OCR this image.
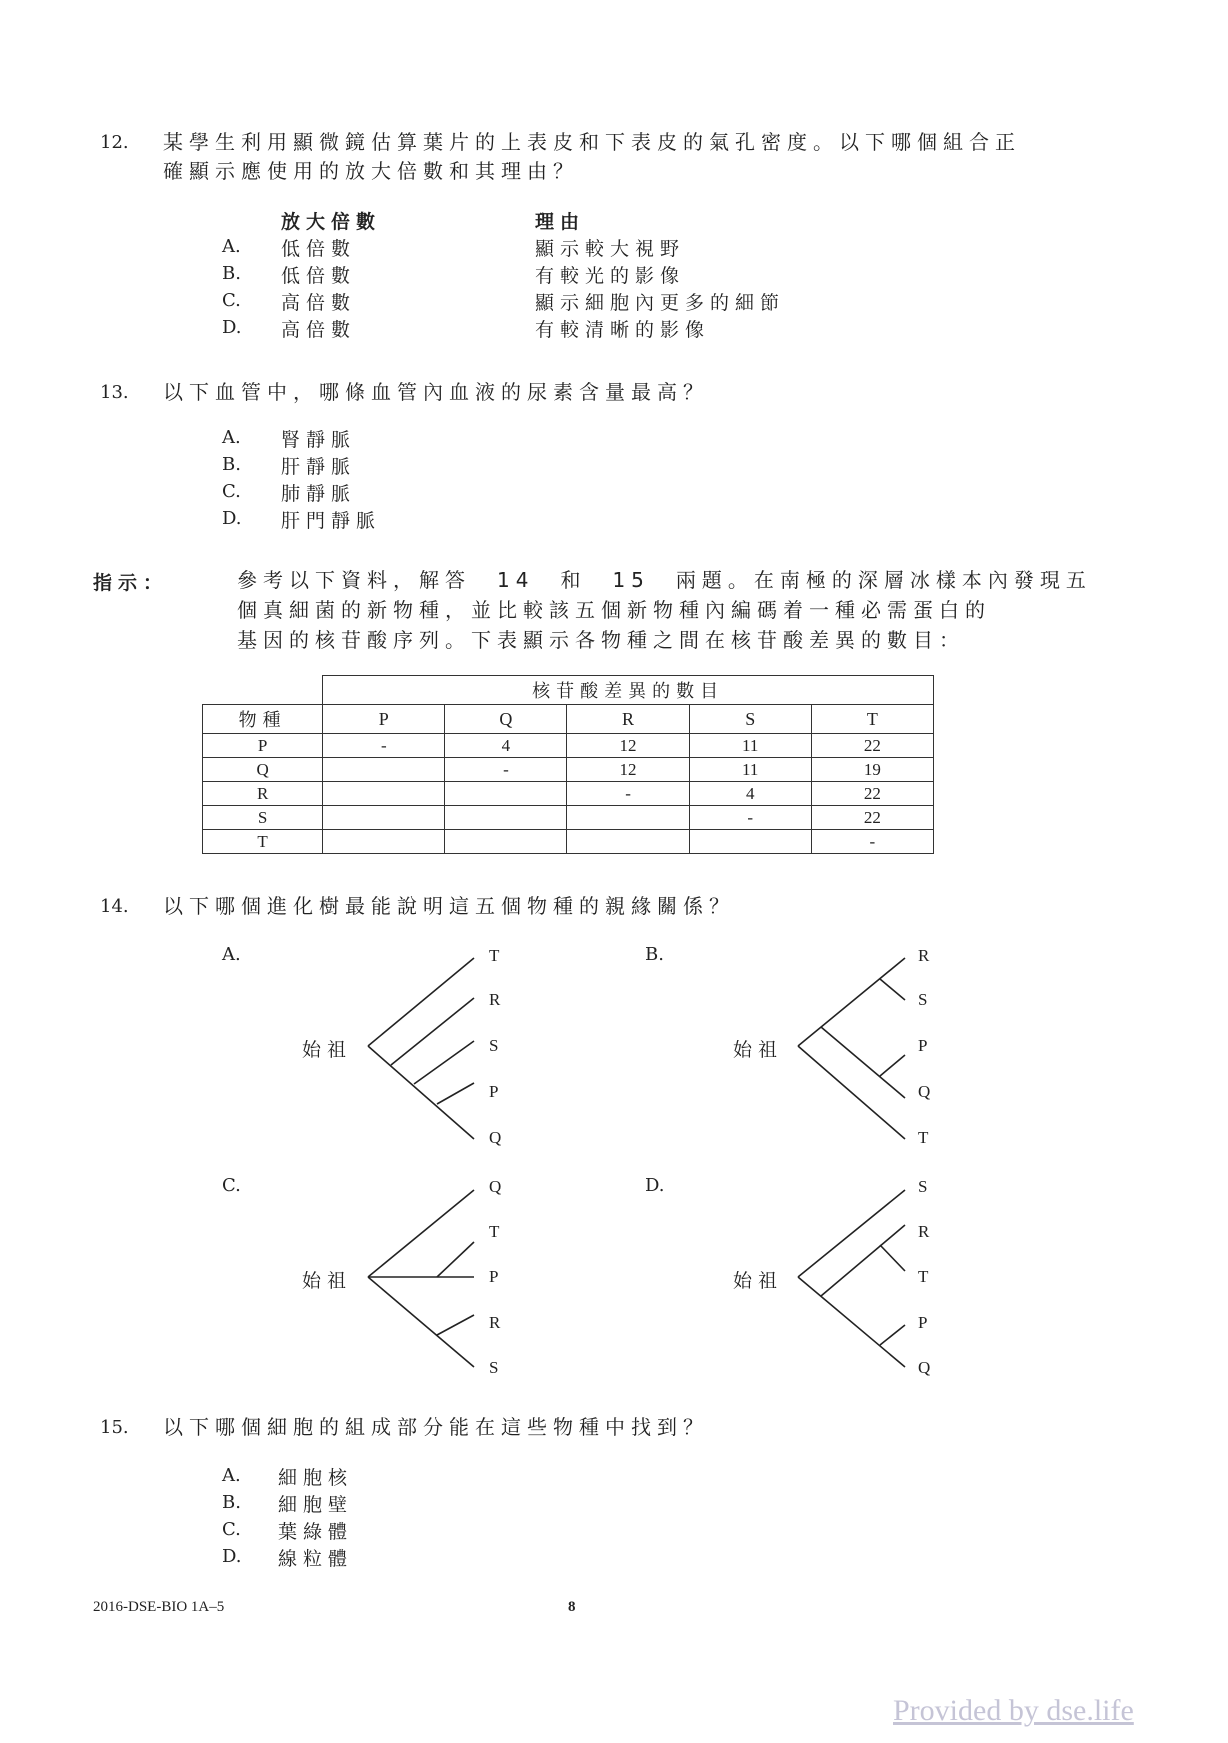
12. 某學生利用顯微鏡估算葉片的上表皮和下表皮的氣孔密度。以下哪個組合正
確顯示應使用的放大倍數和其理由？
放大倍數	理由
A. 低倍數	顯示較大視野
B. 低倍數	有較光的影像
C. 高倍數	顯示細胞內更多的細節
D. 高倍數	有較清晰的影像
13. 以下血管中，哪條血管內血液的尿素含量最高？
A. 腎靜脈
B. 肝靜脈
C. 肺靜脈
D. 肝門靜脈
指示：	參考以下資料，解答　14　和　15　兩題。在南極的深層冰樣本內發現五
個真細菌的新物種，並比較該五個新物種內編碼着一種必需蛋白的
基因的核苷酸序列。下表顯示各物種之間在核苷酸差異的數目：
	核苷酸差異的數目				
物種	P	Q	R	S	T
P	-	4	12	11	22
Q		-	12	11	19
R			-	4	22
S				-	22
T					-
14. 以下哪個進化樹最能說明這五個物種的親緣關係？
A.
始祖
T
R
S
P
Q
B.
始祖
R
S
P
Q
T
C.
始祖
Q
T
P
R
S
D.
始祖
S
R
T
P
Q
15. 以下哪個細胞的組成部分能在這些物種中找到？
A. 細胞核
B. 細胞壁
C. 葉綠體
D. 線粒體
2016-DSE-BIO 1A–5	8
Provided by dse.life
